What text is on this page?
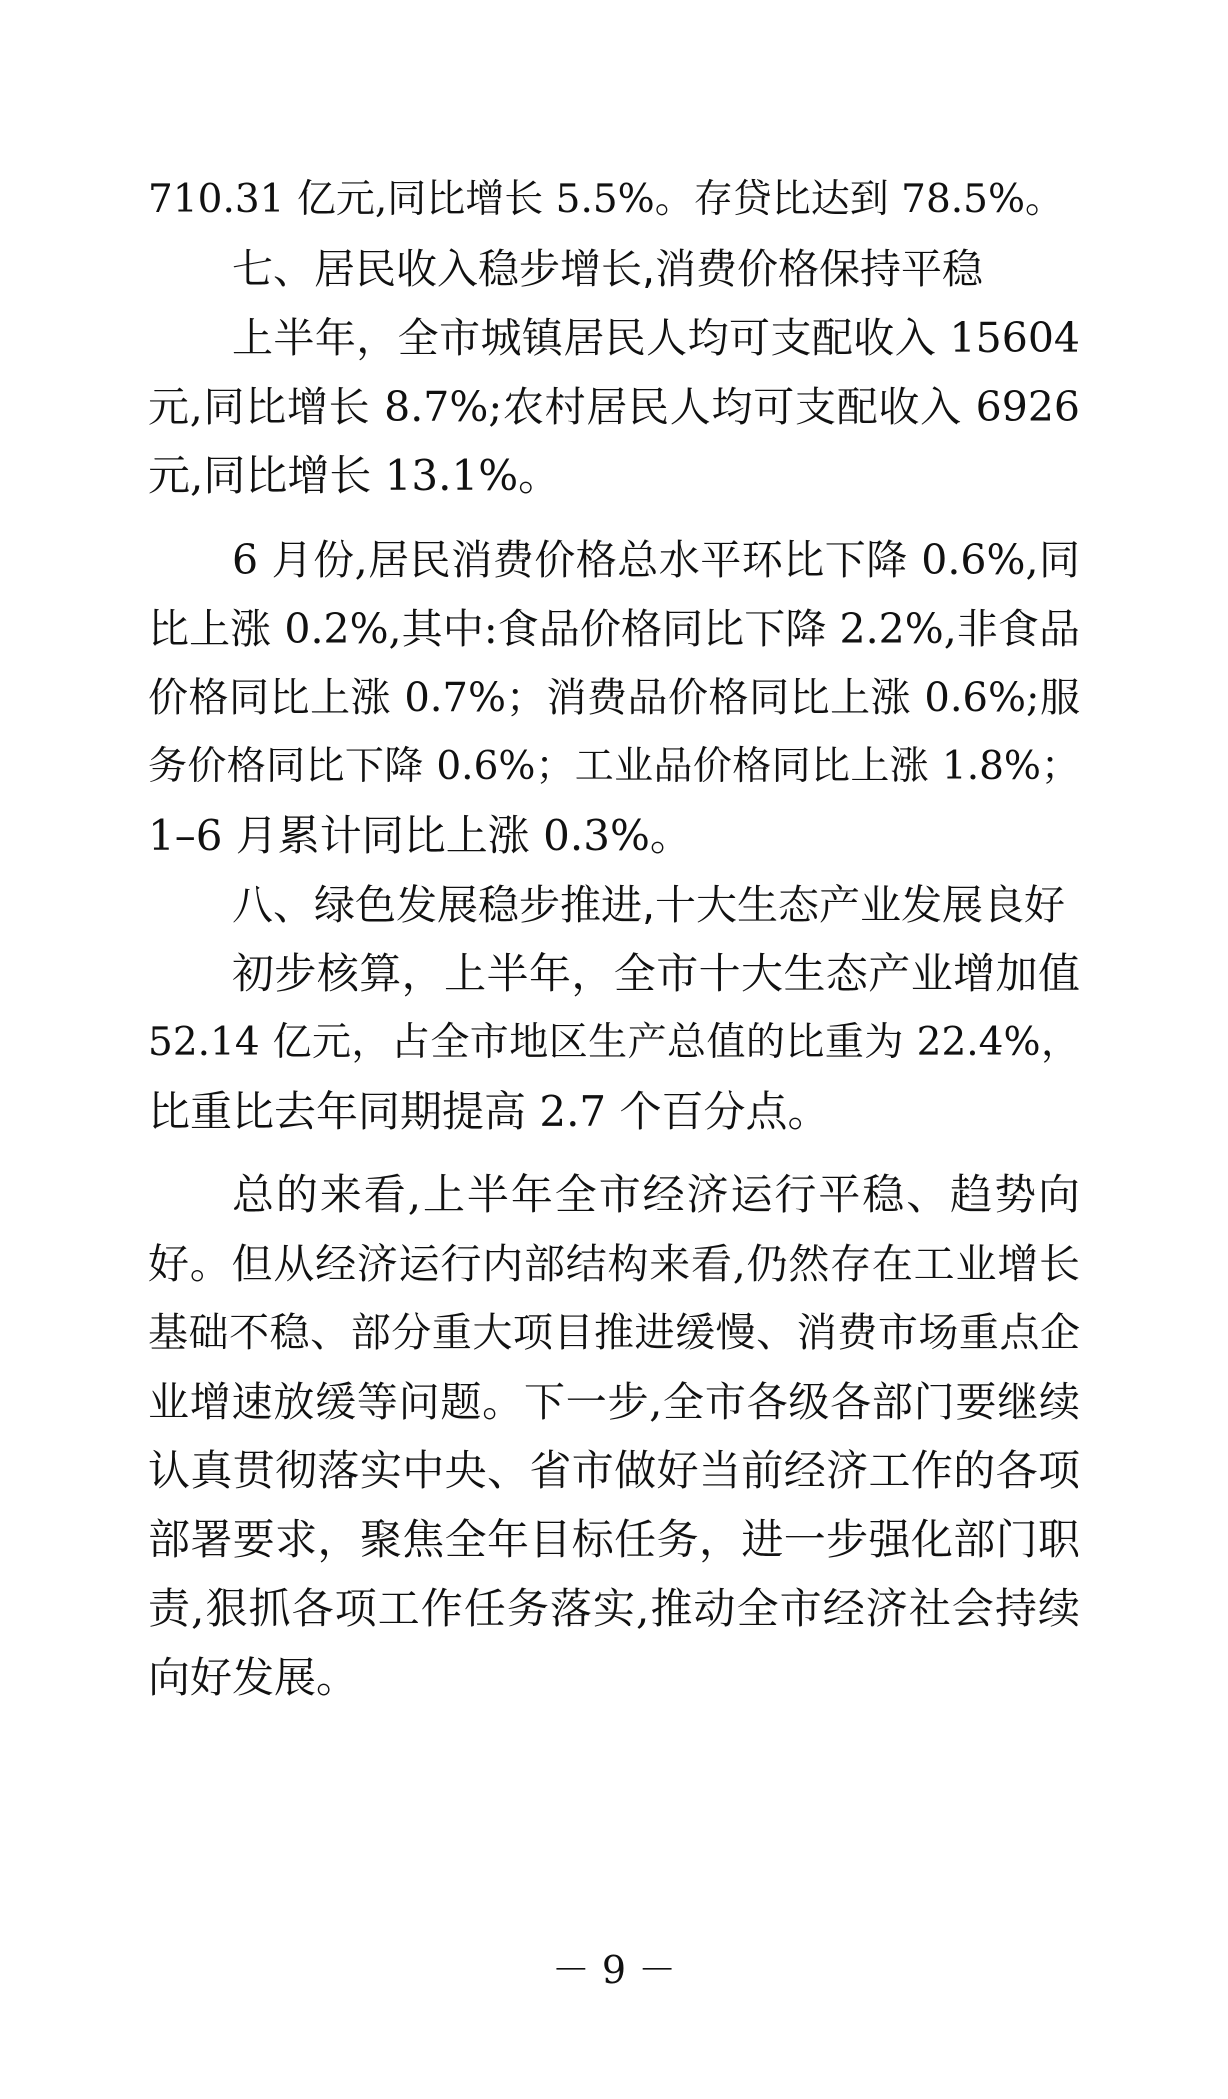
710.31 亿元,同比增长 5.5%。存贷比达到 78.5%。
七、居民收入稳步增长,消费价格保持平稳
上半年，全市城镇居民人均可支配收入 15604
元,同比增长 8.7%;农村居民人均可支配收入 6926
元,同比增长 13.1%。
6 月份,居民消费价格总水平环比下降 0.6%,同
比上涨 0.2%,其中:食品价格同比下降 2.2%,非食品
价格同比上涨 0.7%；消费品价格同比上涨 0.6%;服
务价格同比下降 0.6%；工业品价格同比上涨 1.8%；
1–6 月累计同比上涨 0.3%。
八、绿色发展稳步推进,十大生态产业发展良好
初步核算，上半年，全市十大生态产业增加值
52.14 亿元，占全市地区生产总值的比重为 22.4%，
比重比去年同期提高 2.7 个百分点。
总的来看,上半年全市经济运行平稳、趋势向
好。但从经济运行内部结构来看,仍然存在工业增长
基础不稳、部分重大项目推进缓慢、消费市场重点企
业增速放缓等问题。下一步,全市各级各部门要继续
认真贯彻落实中央、省市做好当前经济工作的各项
部署要求，聚焦全年目标任务，进一步强化部门职
责,狠抓各项工作任务落实,推动全市经济社会持续
向好发展。
－ 9 －
